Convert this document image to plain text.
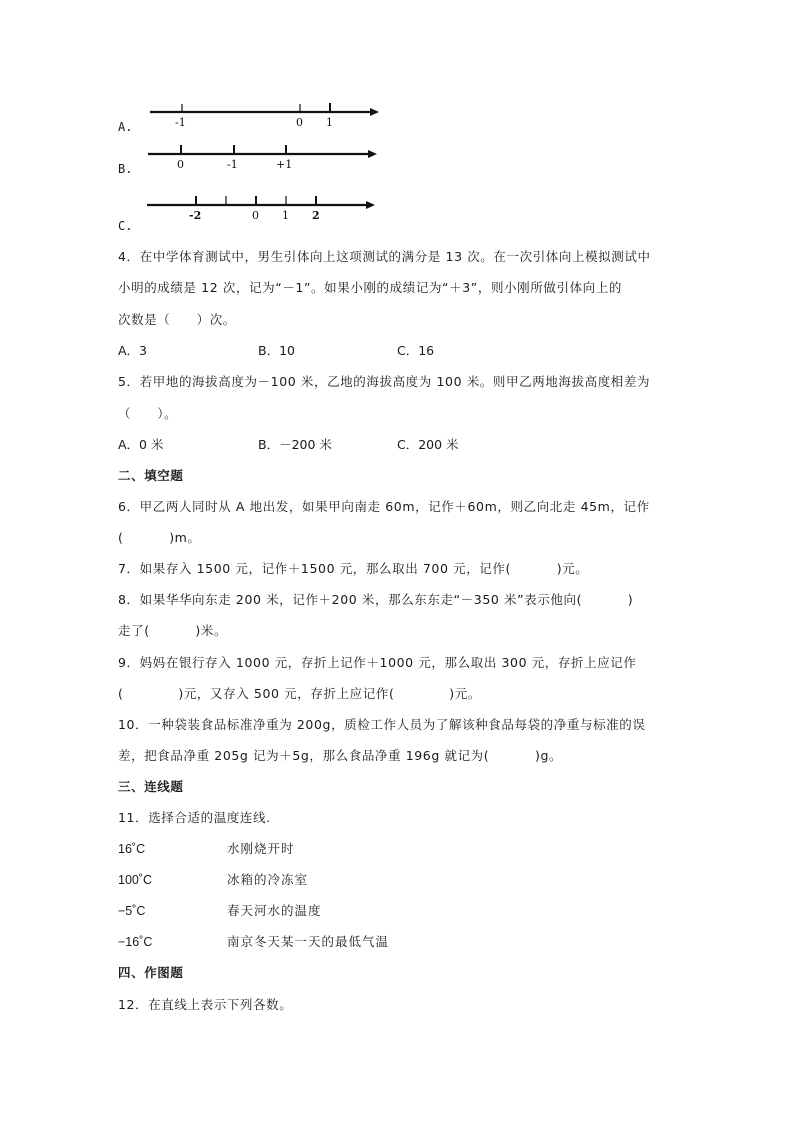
A.	-1	0 1
B.	0	-1	+1
C.
-2	0 1 2
4．在中学体育测试中，男生引体向上这项测试的满分是 13 次。在一次引体向上模拟测试中
小明的成绩是 12 次，记为“－1”。如果小刚的成绩记为“＋3”，则小刚所做引体向上的
次数是（　　）次。
A．3	B．10	C．16
5．若甲地的海拔高度为－100 米，乙地的海拔高度为 100 米。则甲乙两地海拔高度相差为
（　　）。
A．0 米	B．－200 米	C．200 米
二、填空题
6．甲乙两人同时从 A 地出发，如果甲向南走 60m，记作＋60m，则乙向北走 45m，记作
(          )m。
7．如果存入 1500 元，记作＋1500 元，那么取出 700 元，记作(          )元。
8．如果华华向东走 200 米，记作＋200 米，那么东东走“－350 米”表示他向(          )
走了(          )米。
9．妈妈在银行存入 1000 元，存折上记作＋1000 元，那么取出 300 元，存折上应记作
(            )元，又存入 500 元，存折上应记作(            )元。
10．一种袋装食品标准净重为 200g，质检工作人员为了解该种食品每袋的净重与标准的误
差，把食品净重 205g 记为＋5g，那么食品净重 196g 就记为(          )g。
三、连线题
11．选择合适的温度连线.
16˚C	水刚烧开时
100˚C	冰箱的冷冻室
−5˚C	春天河水的温度
−16˚C	南京冬天某一天的最低气温
四、作图题
12．在直线上表示下列各数。
